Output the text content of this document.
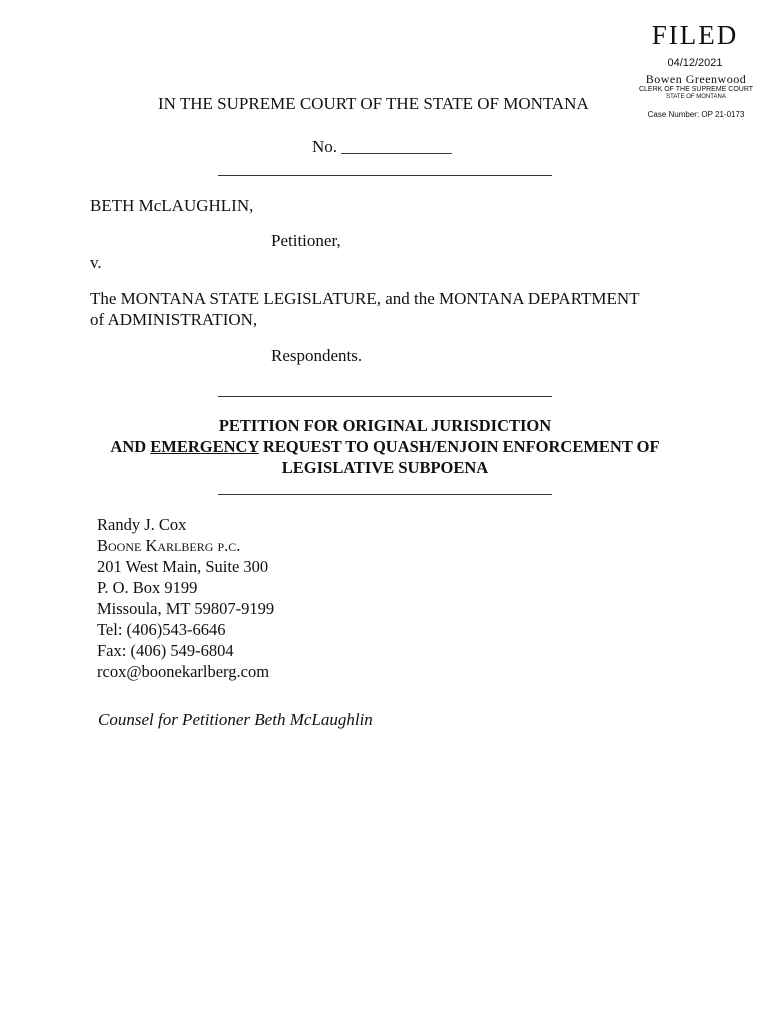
FILED
04/12/2021
Bowen Greenwood
CLERK OF THE SUPREME COURT
STATE OF MONTANA
Case Number: OP 21-0173
IN THE SUPREME COURT OF THE STATE OF MONTANA
No. _____________
BETH McLAUGHLIN,
Petitioner,
v.
The MONTANA STATE LEGISLATURE, and the MONTANA DEPARTMENT
of ADMINISTRATION,
Respondents.
PETITION FOR ORIGINAL JURISDICTION
AND EMERGENCY REQUEST TO QUASH/ENJOIN ENFORCEMENT OF
LEGISLATIVE SUBPOENA
Randy J. Cox
Boone Karlberg p.c.
201 West Main, Suite 300
P. O. Box 9199
Missoula, MT 59807-9199
Tel: (406)543-6646
Fax: (406) 549-6804
rcox@boonekarlberg.com
Counsel for Petitioner Beth McLaughlin
